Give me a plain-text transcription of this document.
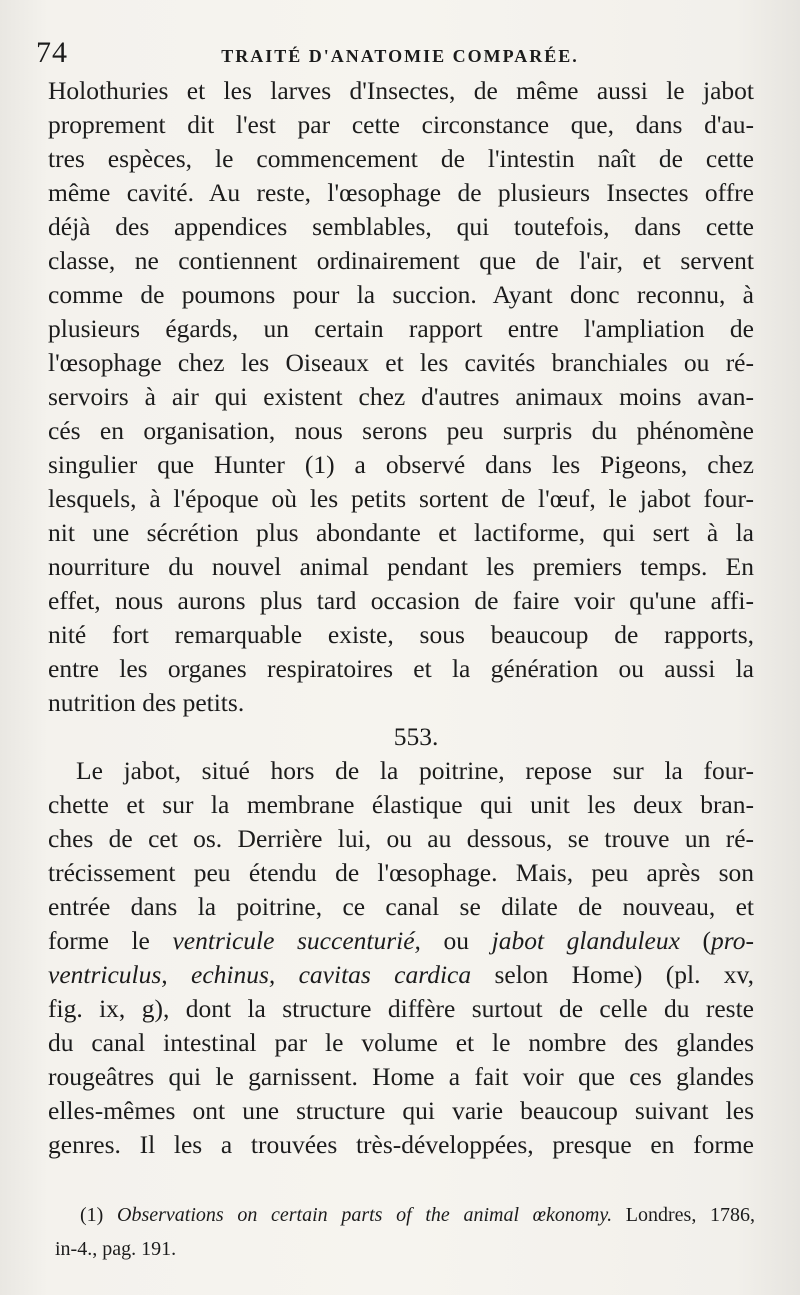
74	TRAITÉ D'ANATOMIE COMPARÉE.
Holothuries et les larves d'Insectes, de même aussi le jabot
proprement dit l'est par cette circonstance que, dans d'au-
tres espèces, le commencement de l'intestin naît de cette
même cavité. Au reste, l'œsophage de plusieurs Insectes offre
déjà des appendices semblables, qui toutefois, dans cette
classe, ne contiennent ordinairement que de l'air, et servent
comme de poumons pour la succion. Ayant donc reconnu, à
plusieurs égards, un certain rapport entre l'ampliation de
l'œsophage chez les Oiseaux et les cavités branchiales ou ré-
servoirs à air qui existent chez d'autres animaux moins avan-
cés en organisation, nous serons peu surpris du phénomène
singulier que Hunter (1) a observé dans les Pigeons, chez
lesquels, à l'époque où les petits sortent de l'œuf, le jabot four-
nit une sécrétion plus abondante et lactiforme, qui sert à la
nourriture du nouvel animal pendant les premiers temps. En
effet, nous aurons plus tard occasion de faire voir qu'une affi-
nité fort remarquable existe, sous beaucoup de rapports,
entre les organes respiratoires et la génération ou aussi la
nutrition des petits.
553.
Le jabot, situé hors de la poitrine, repose sur la four-
chette et sur la membrane élastique qui unit les deux bran-
ches de cet os. Derrière lui, ou au dessous, se trouve un ré-
trécissement peu étendu de l'œsophage. Mais, peu après son
entrée dans la poitrine, ce canal se dilate de nouveau, et
forme le ventricule succenturié, ou jabot glanduleux (pro-
ventriculus, echinus, cavitas cardica selon Home) (pl. xv,
fig. ix, g), dont la structure diffère surtout de celle du reste
du canal intestinal par le volume et le nombre des glandes
rougeâtres qui le garnissent. Home a fait voir que ces glandes
elles-mêmes ont une structure qui varie beaucoup suivant les
genres. Il les a trouvées très-développées, presque en forme
(1) Observations on certain parts of the animal œkonomy. Londres, 1786,
in-4., pag. 191.
